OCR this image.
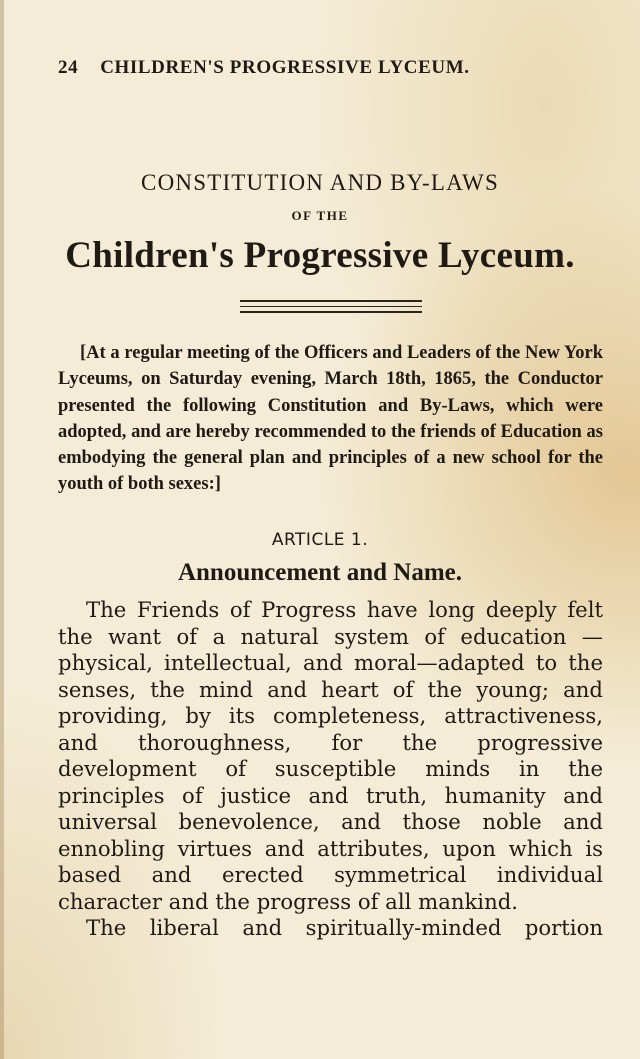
24 CHILDREN'S PROGRESSIVE LYCEUM.
CONSTITUTION AND BY-LAWS
OF THE
Children's Progressive Lyceum.
[At a regular meeting of the Officers and Leaders of the New York Lyceums, on Saturday evening, March 18th, 1865, the Conductor presented the following Constitution and By-Laws, which were adopted, and are hereby recommended to the friends of Education as embodying the general plan and principles of a new school for the youth of both sexes:]
ARTICLE 1.
Announcement and Name.

The Friends of Progress have long deeply felt the want of a natural system of education —physical, intellectual, and moral—adapted to the senses, the mind and heart of the young; and providing, by its completeness, attractiveness, and thoroughness, for the progressive development of susceptible minds in the principles of justice and truth, humanity and universal benevolence, and those noble and ennobling virtues and attributes, upon which is based and erected symmetrical individual character and the progress of all mankind.

The liberal and spiritually-minded portion
